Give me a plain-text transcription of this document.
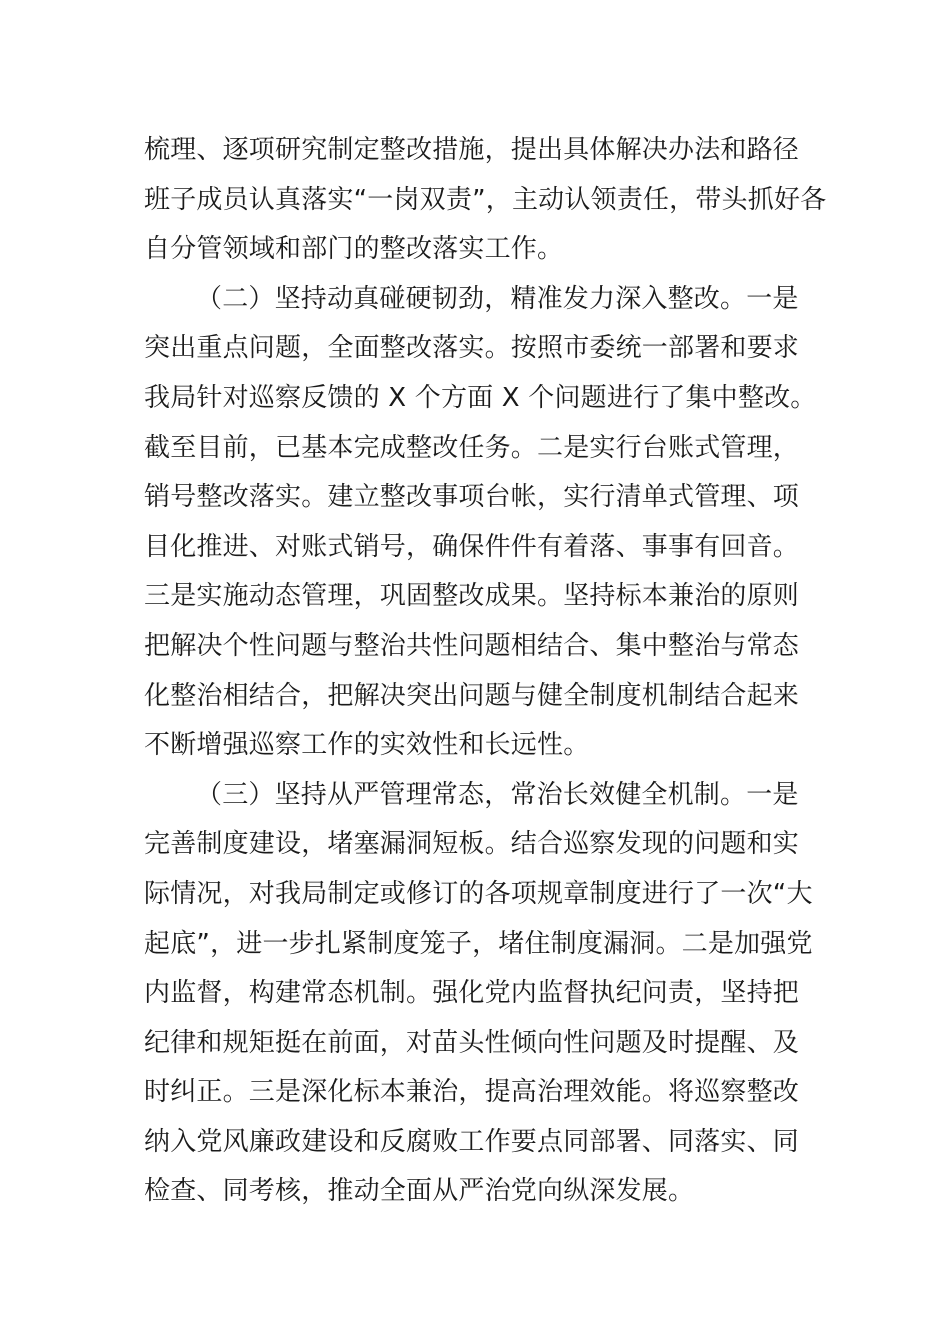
梳理、逐项研究制定整改措施，提出具体解决办法和路径
班子成员认真落实“一岗双责”，主动认领责任，带头抓好各
自分管领域和部门的整改落实工作。
（二）坚持动真碰硬韧劲，精准发力深入整改。一是
突出重点问题，全面整改落实。按照市委统一部署和要求
我局针对巡察反馈的 X 个方面 X 个问题进行了集中整改。
截至目前，已基本完成整改任务。二是实行台账式管理，
销号整改落实。建立整改事项台帐，实行清单式管理、项
目化推进、对账式销号，确保件件有着落、事事有回音。
三是实施动态管理，巩固整改成果。坚持标本兼治的原则
把解决个性问题与整治共性问题相结合、集中整治与常态
化整治相结合，把解决突出问题与健全制度机制结合起来
不断增强巡察工作的实效性和长远性。
（三）坚持从严管理常态，常治长效健全机制。一是
完善制度建设，堵塞漏洞短板。结合巡察发现的问题和实
际情况，对我局制定或修订的各项规章制度进行了一次“大
起底”，进一步扎紧制度笼子，堵住制度漏洞。二是加强党
内监督，构建常态机制。强化党内监督执纪问责，坚持把
纪律和规矩挺在前面，对苗头性倾向性问题及时提醒、及
时纠正。三是深化标本兼治，提高治理效能。将巡察整改
纳入党风廉政建设和反腐败工作要点同部署、同落实、同
检查、同考核，推动全面从严治党向纵深发展。
